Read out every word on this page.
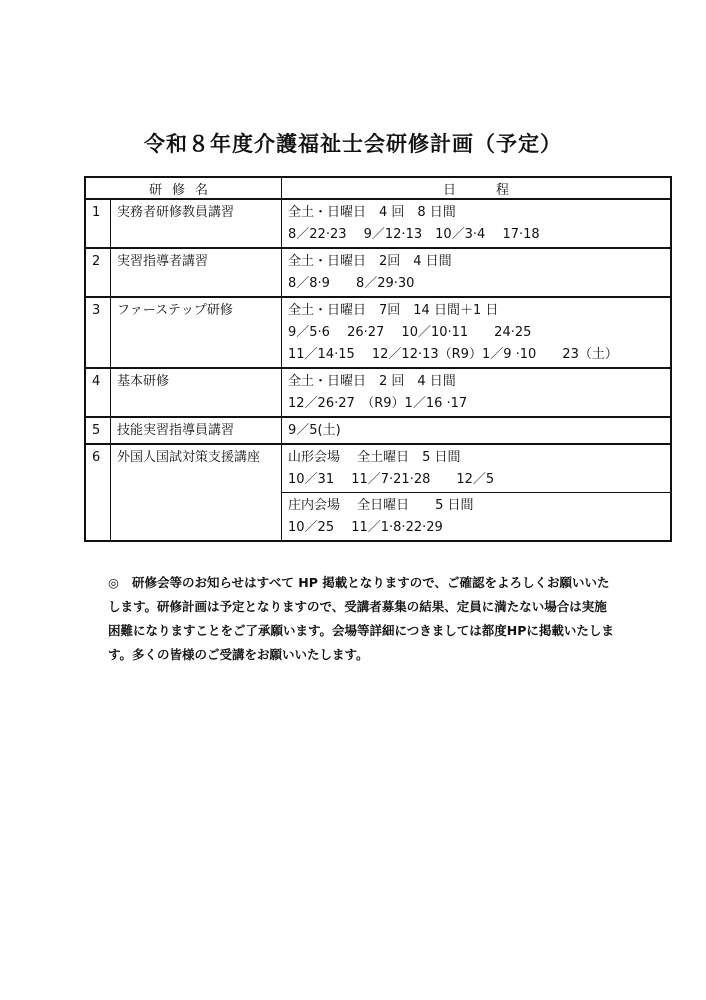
令和８年度介護福祉士会研修計画（予定）
研修名		日程
1	実務者研修教員講習	全土・日曜日　4 回　8 日間
8／22·23　 9／12·13　10／3·4　 17·18

2	実習指導者講習	全土・日曜日　2回　4 日間
8／8·9　　8／29·30

3	ファーステップ研修	全土・日曜日　7回　14 日間＋1 日
9／5·6　 26·27　 10／10·11　　24·25
11／14·15　 12／12·13（R9）1／9 ·10　　23（土）

4	基本研修	全土・日曜日　2 回　4 日間
12／26·27　（R9）1／16 ·17

5	技能実習指導員講習	9／5(土)

6	外国人国試対策支援講座	山形会場　 全土曜日　5 日間
10／31　 11／7·21·28　　12／5

		庄内会場　 全日曜日　　5 日間
10／25　 11／1·8·22·29
◎ 研修会等のお知らせはすべて HP 掲載となりますので、ご確認をよろしくお願いいたします。研修計画は予定となりますので、受講者募集の結果、定員に満たない場合は実施困難になりますことをご了承願います。会場等詳細につきましては都度HPに掲載いたします。多くの皆様のご受講をお願いいたします。
